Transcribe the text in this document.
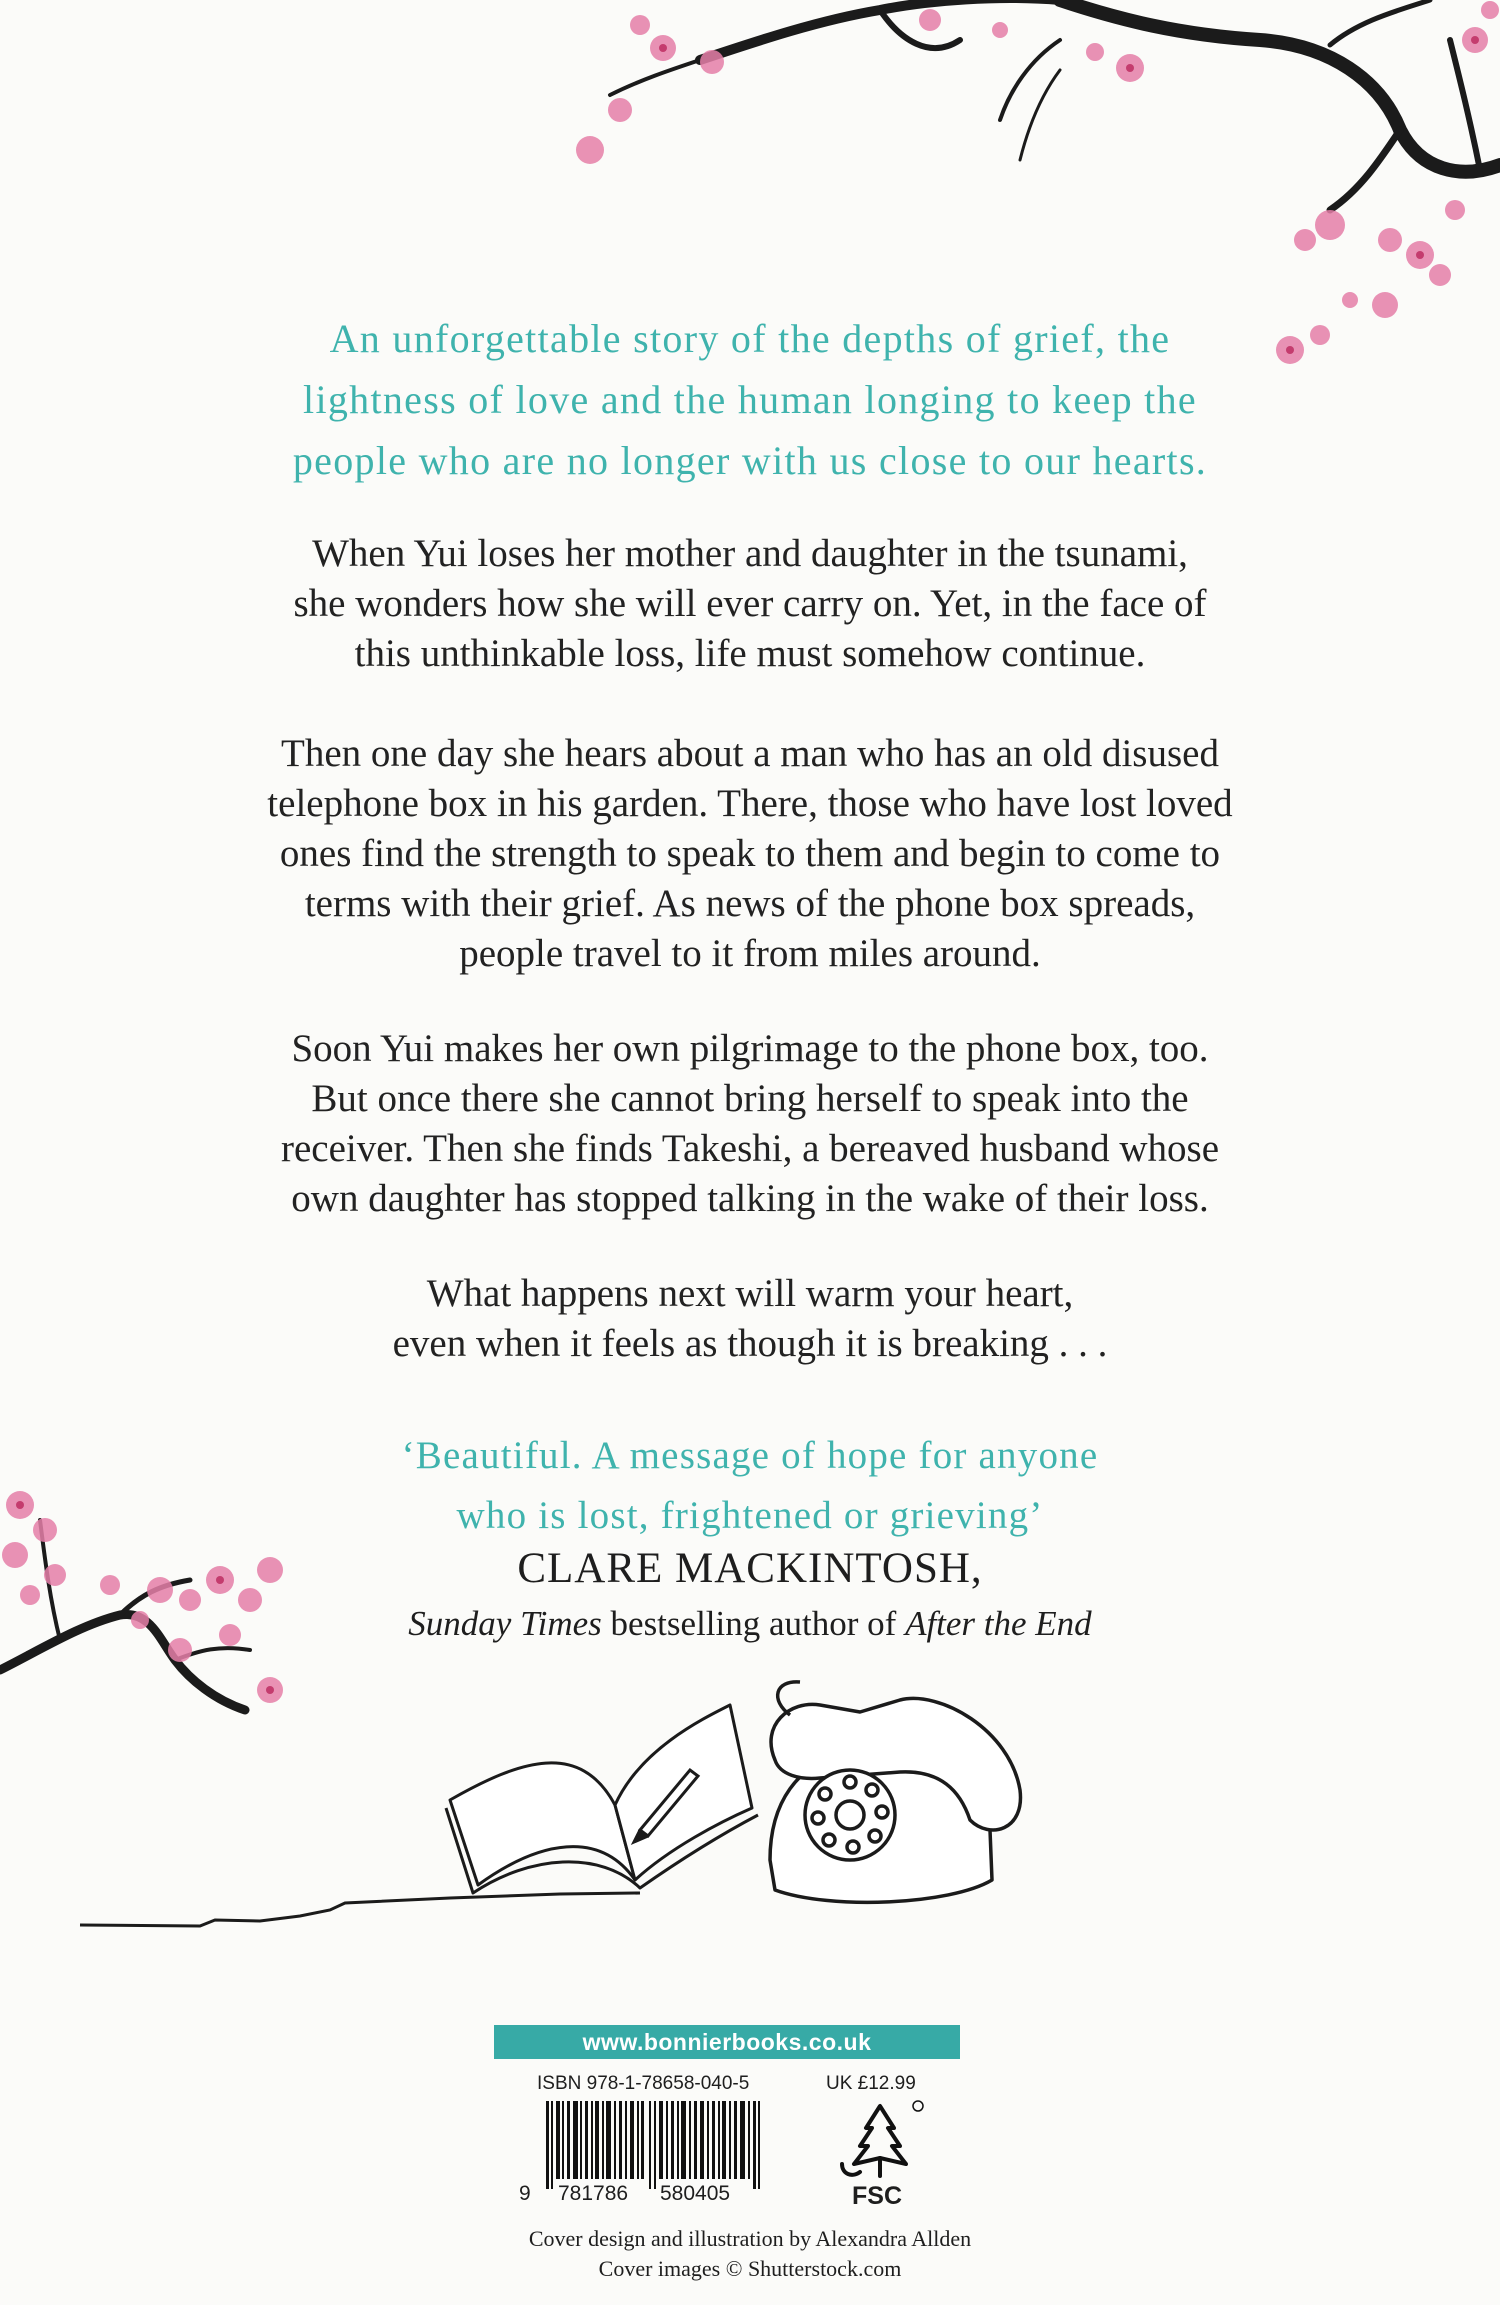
An unforgettable story of the depths of grief, the
lightness of love and the human longing to keep the
people who are no longer with us close to our hearts.
When Yui loses her mother and daughter in the tsunami,
she wonders how she will ever carry on. Yet, in the face of
this unthinkable loss, life must somehow continue.
Then one day she hears about a man who has an old disused
telephone box in his garden. There, those who have lost loved
ones find the strength to speak to them and begin to come to
terms with their grief. As news of the phone box spreads,
people travel to it from miles around.
Soon Yui makes her own pilgrimage to the phone box, too.
But once there she cannot bring herself to speak into the
receiver. Then she finds Takeshi, a bereaved husband whose
own daughter has stopped talking in the wake of their loss.
What happens next will warm your heart,
even when it feels as though it is breaking . . .
‘Beautiful. A message of hope for anyone
who is lost, frightened or grieving’
CLARE MACKINTOSH,
Sunday Times bestselling author of After the End
www.bonnierbooks.co.uk
ISBN 978-1-78658-040-5	UK £12.99
9 781786 580405	FSC
Cover design and illustration by Alexandra Allden
Cover images © Shutterstock.com
